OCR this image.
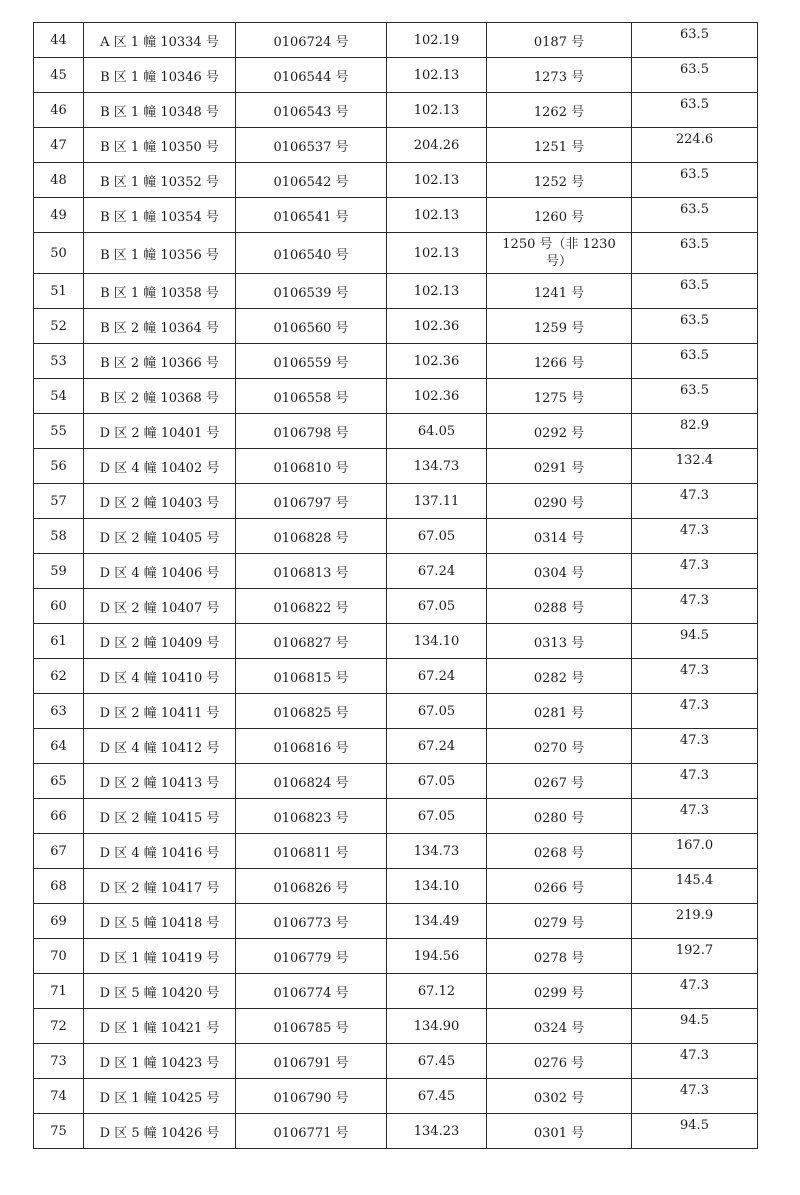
44	A 区 1 幢 10334 号	0106724 号	102.19	0187 号	63.5
45	B 区 1 幢 10346 号	0106544 号	102.13	1273 号	63.5
46	B 区 1 幢 10348 号	0106543 号	102.13	1262 号	63.5
47	B 区 1 幢 10350 号	0106537 号	204.26	1251 号	224.6
48	B 区 1 幢 10352 号	0106542 号	102.13	1252 号	63.5
49	B 区 1 幢 10354 号	0106541 号	102.13	1260 号	63.5
50	B 区 1 幢 10356 号	0106540 号	102.13	1250 号（非 1230 号）	63.5
51	B 区 1 幢 10358 号	0106539 号	102.13	1241 号	63.5
52	B 区 2 幢 10364 号	0106560 号	102.36	1259 号	63.5
53	B 区 2 幢 10366 号	0106559 号	102.36	1266 号	63.5
54	B 区 2 幢 10368 号	0106558 号	102.36	1275 号	63.5
55	D 区 2 幢 10401 号	0106798 号	64.05	0292 号	82.9
56	D 区 4 幢 10402 号	0106810 号	134.73	0291 号	132.4
57	D 区 2 幢 10403 号	0106797 号	137.11	0290 号	47.3
58	D 区 2 幢 10405 号	0106828 号	67.05	0314 号	47.3
59	D 区 4 幢 10406 号	0106813 号	67.24	0304 号	47.3
60	D 区 2 幢 10407 号	0106822 号	67.05	0288 号	47.3
61	D 区 2 幢 10409 号	0106827 号	134.10	0313 号	94.5
62	D 区 4 幢 10410 号	0106815 号	67.24	0282 号	47.3
63	D 区 2 幢 10411 号	0106825 号	67.05	0281 号	47.3
64	D 区 4 幢 10412 号	0106816 号	67.24	0270 号	47.3
65	D 区 2 幢 10413 号	0106824 号	67.05	0267 号	47.3
66	D 区 2 幢 10415 号	0106823 号	67.05	0280 号	47.3
67	D 区 4 幢 10416 号	0106811 号	134.73	0268 号	167.0
68	D 区 2 幢 10417 号	0106826 号	134.10	0266 号	145.4
69	D 区 5 幢 10418 号	0106773 号	134.49	0279 号	219.9
70	D 区 1 幢 10419 号	0106779 号	194.56	0278 号	192.7
71	D 区 5 幢 10420 号	0106774 号	67.12	0299 号	47.3
72	D 区 1 幢 10421 号	0106785 号	134.90	0324 号	94.5
73	D 区 1 幢 10423 号	0106791 号	67.45	0276 号	47.3
74	D 区 1 幢 10425 号	0106790 号	67.45	0302 号	47.3
75	D 区 5 幢 10426 号	0106771 号	134.23	0301 号	94.5
